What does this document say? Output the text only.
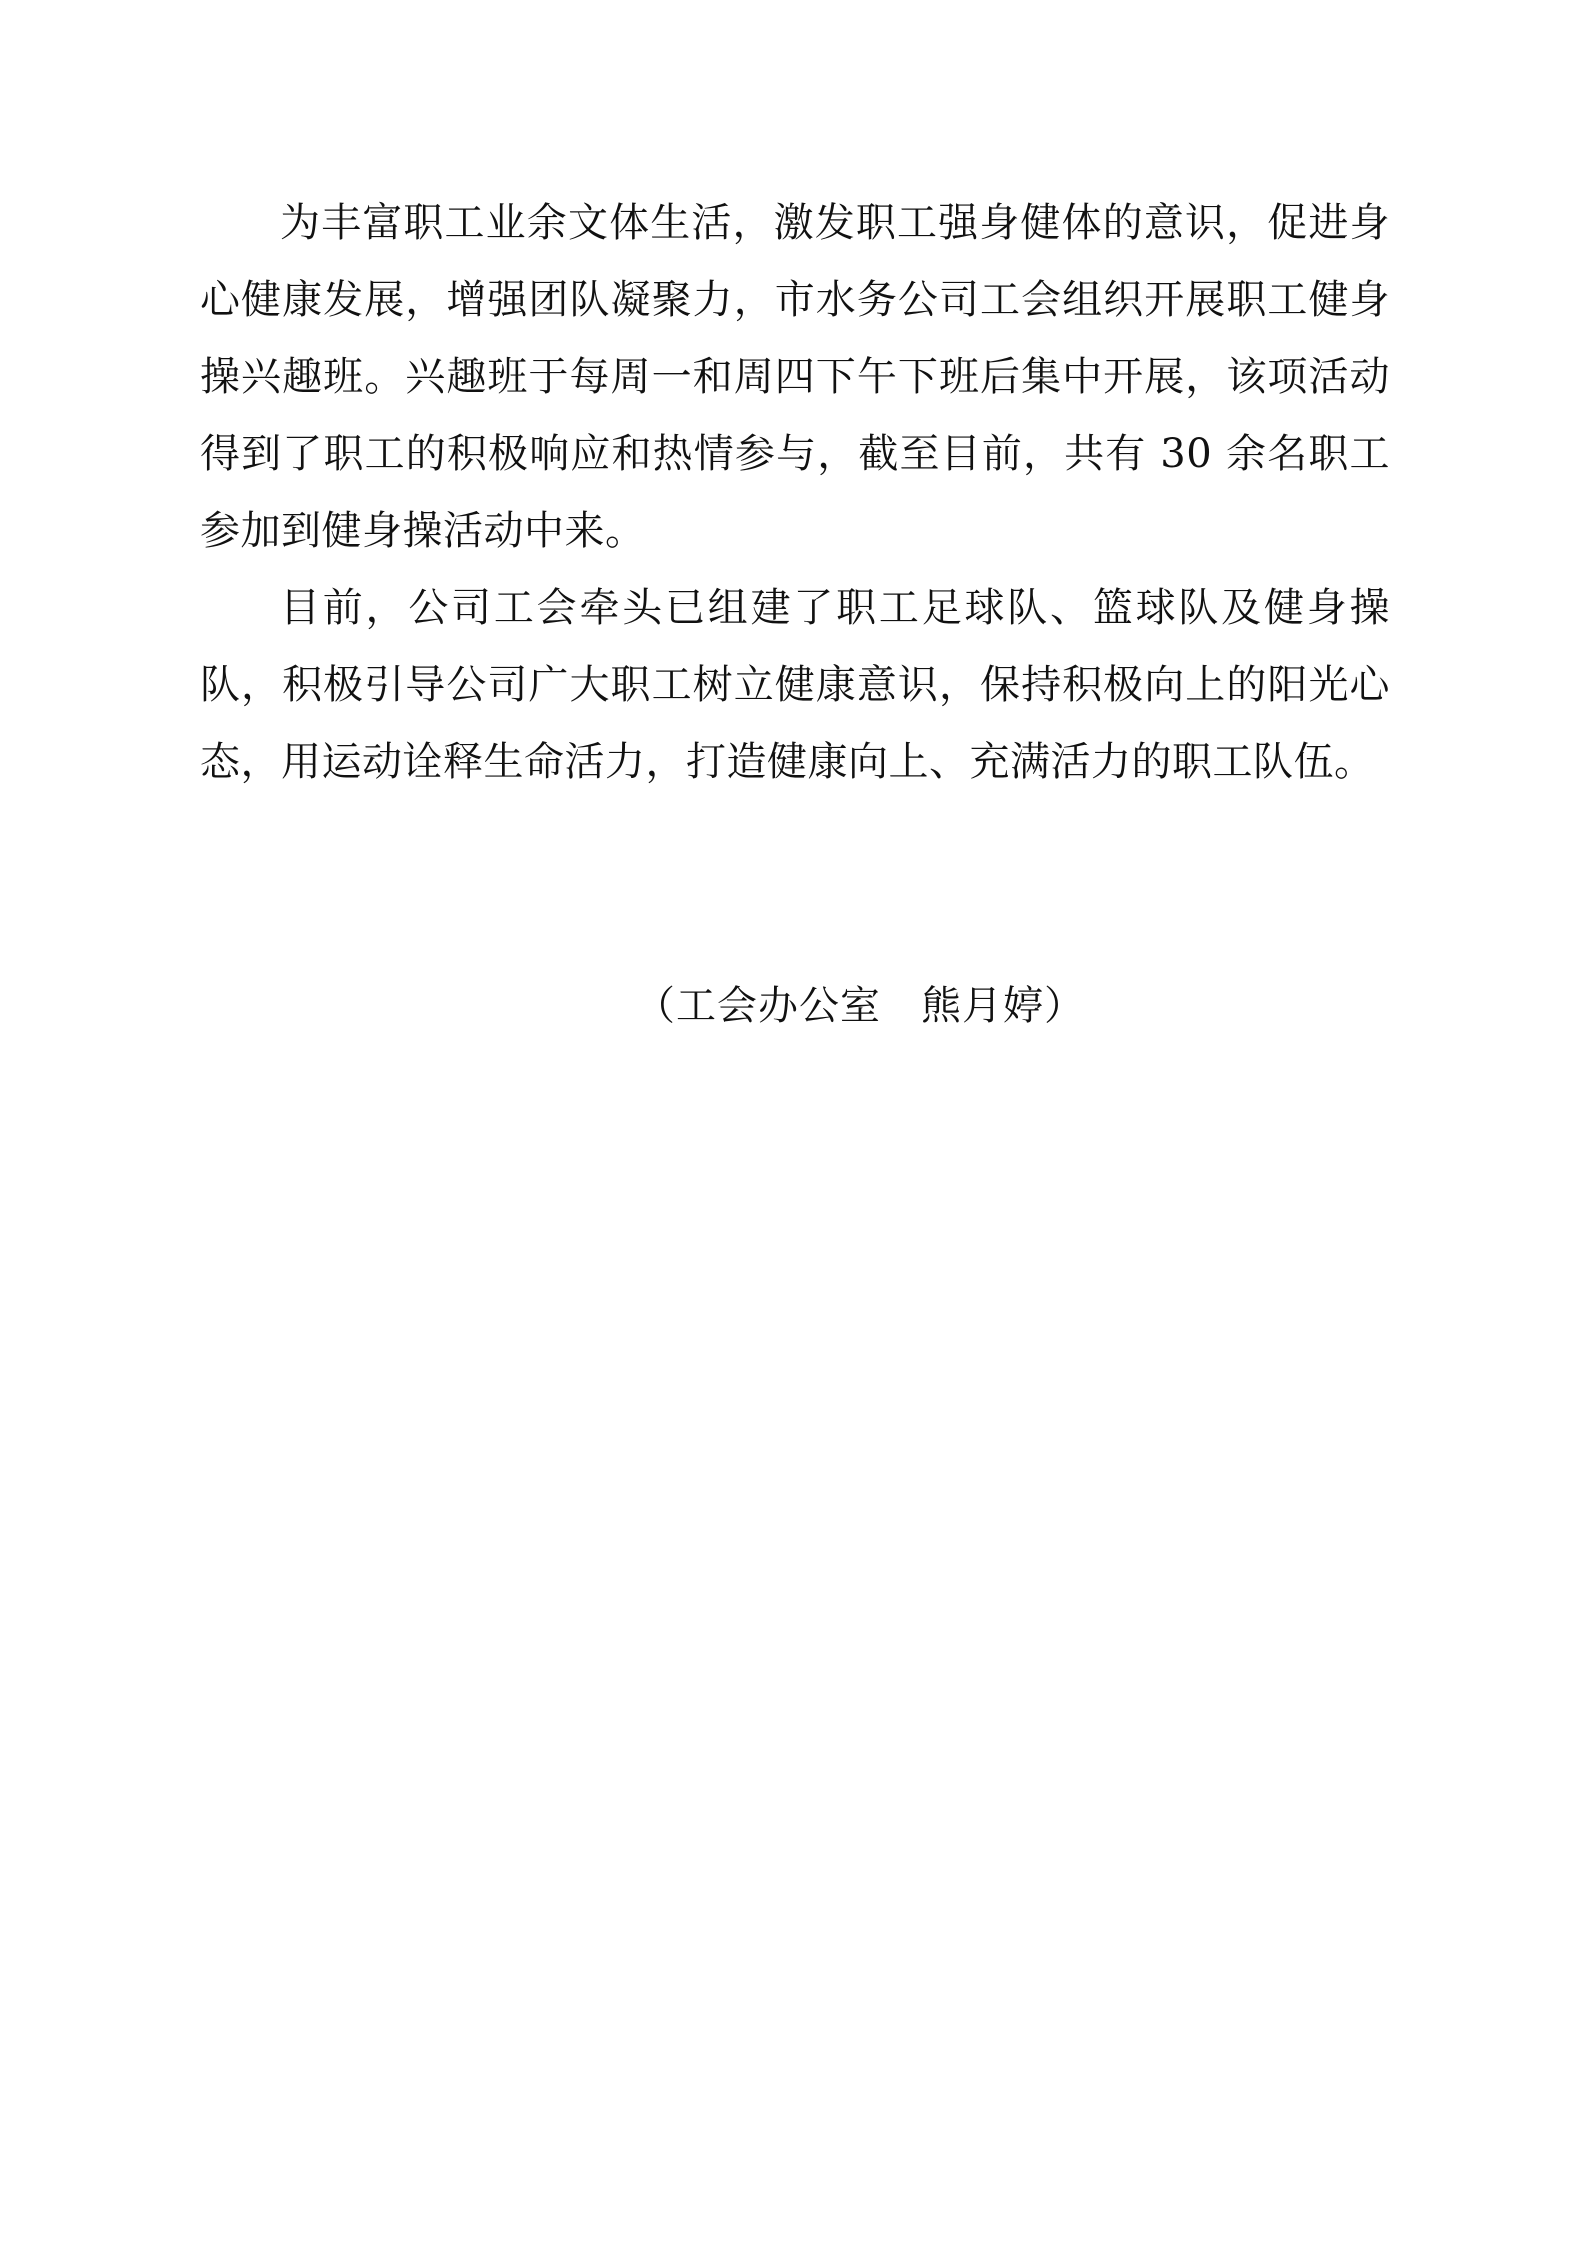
为丰富职工业余文体生活，激发职工强身健体的意识，促进身心健康发展，增强团队凝聚力，市水务公司工会组织开展职工健身操兴趣班。兴趣班于每周一和周四下午下班后集中开展，该项活动得到了职工的积极响应和热情参与，截至目前，共有 30 余名职工参加到健身操活动中来。

目前，公司工会牵头已组建了职工足球队、篮球队及健身操队，积极引导公司广大职工树立健康意识，保持积极向上的阳光心态，用运动诠释生命活力，打造健康向上、充满活力的职工队伍。

（工会办公室 熊月婷）
